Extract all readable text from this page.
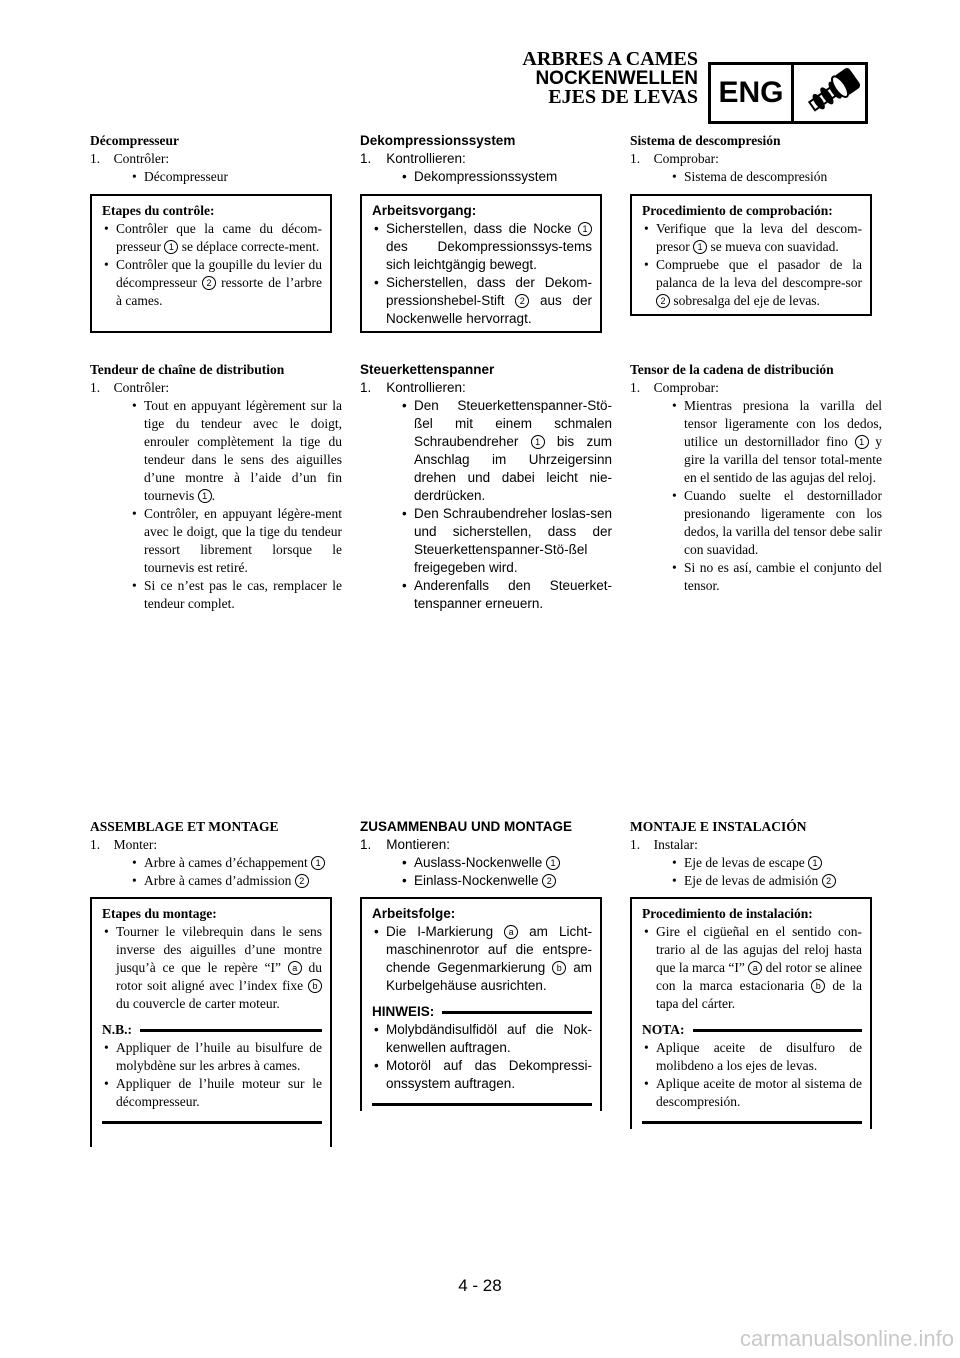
ARBRES A CAMES
NOCKENWELLEN
EJES DE LEVAS ENG
Décompresseur
1.    Contrôler:
• Décompresseur
Etapes du contrôle:
• Contrôler que la came du décom-presseur 1 se déplace correcte-ment.
• Contrôler que la goupille du levier du décompresseur 2 ressorte de l’arbre à cames.
Tendeur de chaîne de distribution
1.    Contrôler:
• Tout en appuyant légèrement sur la tige du tendeur avec le doigt, enrouler complètement la tige du tendeur dans le sens des aiguilles d’une montre à l’aide d’un fin tournevis 1 .
• Contrôler, en appuyant légère-ment avec le doigt, que la tige du tendeur ressort librement lorsque le tournevis est retiré.
• Si ce n’est pas le cas, remplacer le tendeur complet.
ASSEMBLAGE ET MONTAGE
1.    Monter:
• Arbre à cames d’échappement 1
• Arbre à cames d’admission 2
Etapes du montage:
• Tourner le vilebrequin dans le sens inverse des aiguilles d’une montre jusqu’à ce que le repère “I” a du rotor soit aligné avec l’index fixe b du couvercle de carter moteur.
N.B.:
• Appliquer de l’huile au bisulfure de molybdène sur les arbres à cames.
• Appliquer de l’huile moteur sur le décompresseur.
Dekompressionssystem
1.    Kontrollieren:
• Dekompressionssystem
Arbeitsvorgang:
• Sicherstellen, dass die Nocke 1 des Dekompressionssys-tems sich leichtgängig bewegt.
• Sicherstellen, dass der Dekom-pressionshebel-Stift 2 aus der Nockenwelle hervorragt.
Steuerkettenspanner
1.    Kontrollieren:
• Den Steuerkettenspanner-Stö-ßel mit einem schmalen Schraubendreher 1 bis zum Anschlag im Uhrzeigersinn drehen und dabei leicht nie-derdrücken.
• Den Schraubendreher loslas-sen und sicherstellen, dass der Steuerkettenspanner-Stö-ßel freigegeben wird.
• Anderenfalls den Steuerket-tenspanner erneuern.
ZUSAMMENBAU UND MONTAGE
1.    Montieren:
• Auslass-Nockenwelle 1
• Einlass-Nockenwelle 2
Arbeitsfolge:
• Die I-Markierung a am Licht-maschinenrotor auf die entspre-chende Gegenmarkierung b am Kurbelgehäuse ausrichten.
HINWEIS:
• Molybdändisulfidöl auf die Nok-kenwellen auftragen.
• Motoröl auf das Dekompressi-onssystem auftragen.
Sistema de descompresión
1.    Comprobar:
• Sistema de descompresión
Procedimiento de comprobación:
• Verifique que la leva del descom-presor 1 se mueva con suavidad.
• Compruebe que el pasador de la palanca de la leva del descompre-sor 2 sobresalga del eje de levas.
Tensor de la cadena de distribución
1.    Comprobar:
• Mientras presiona la varilla del tensor ligeramente con los dedos, utilice un destornillador fino 1 y gire la varilla del tensor total-mente en el sentido de las agujas del reloj.
• Cuando suelte el destornillador presionando ligeramente con los dedos, la varilla del tensor debe salir con suavidad.
• Si no es así, cambie el conjunto del tensor.
MONTAJE E INSTALACIÓN
1.    Instalar:
• Eje de levas de escape 1
• Eje de levas de admisión 2
Procedimiento de instalación:
• Gire el cigüeñal en el sentido con-trario al de las agujas del reloj hasta que la marca “I” a del rotor se alinee con la marca estacionaria b de la tapa del cárter.
NOTA:
• Aplique aceite de disulfuro de molibdeno a los ejes de levas.
• Aplique aceite de motor al sistema de descompresión.
4 - 28
carmanualsonline.info
